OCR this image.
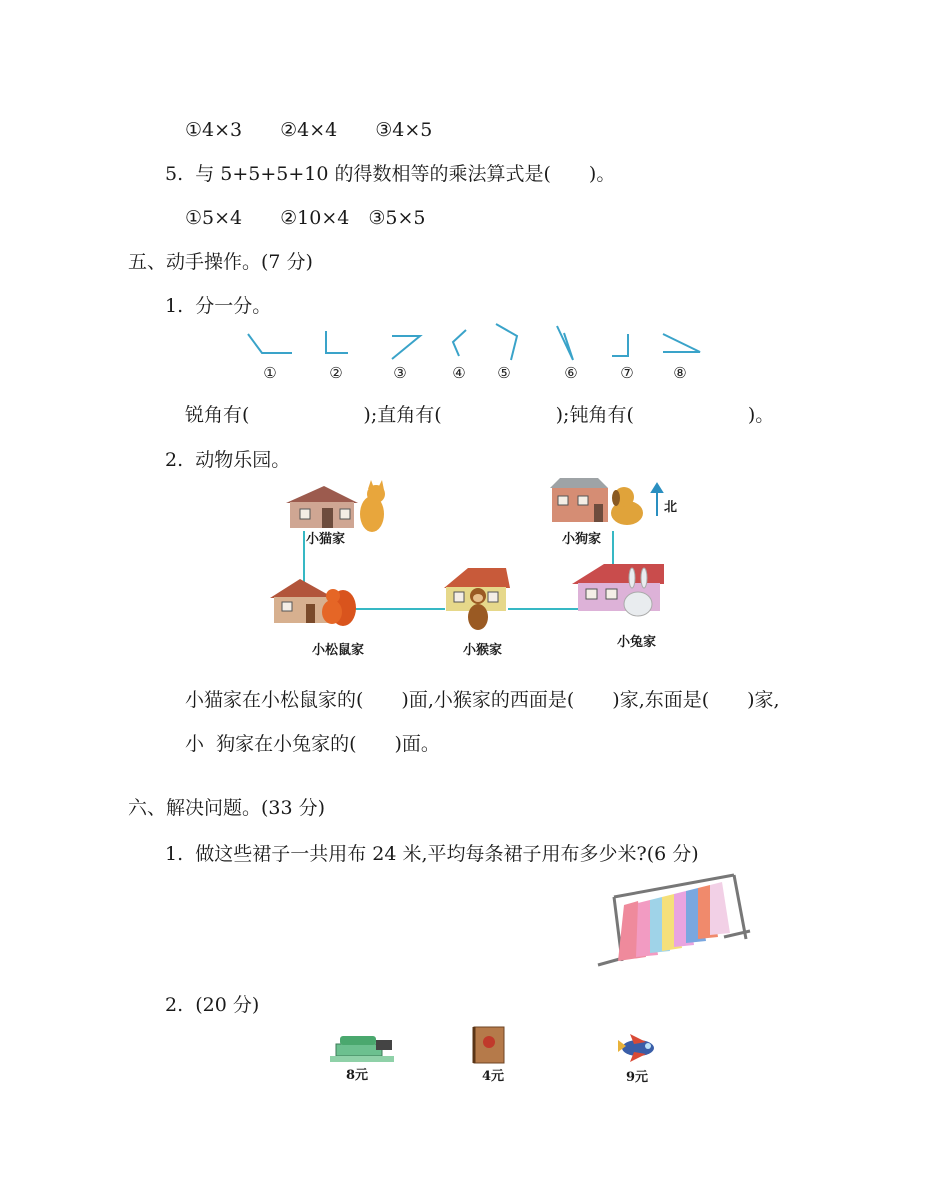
①4×3　　②4×4　　③4×5
5.  与 5+5+5+10 的得数相等的乘法算式是(　　)。
①5×4　　②10×4　③5×5
五、动手操作。(7 分)
1.  分一分。
①	②	③	④ ⑤	⑥	⑦	⑧
锐角有(　　　　　　);直角有(　　　　　　);钝角有(　　　　　　)。
2.  动物乐园。
北
小猫家	小狗家
小松鼠家	小猴家
小兔家
小猫家在小松鼠家的(　　)面,小猴家的西面是(　　)家,东面是(　　)家,
小  狗家在小兔家的(　　)面。
六、解决问题。(33 分)
1.  做这些裙子一共用布 24 米,平均每条裙子用布多少米?(6 分)
2.  (20 分)
8元	4元	9元
